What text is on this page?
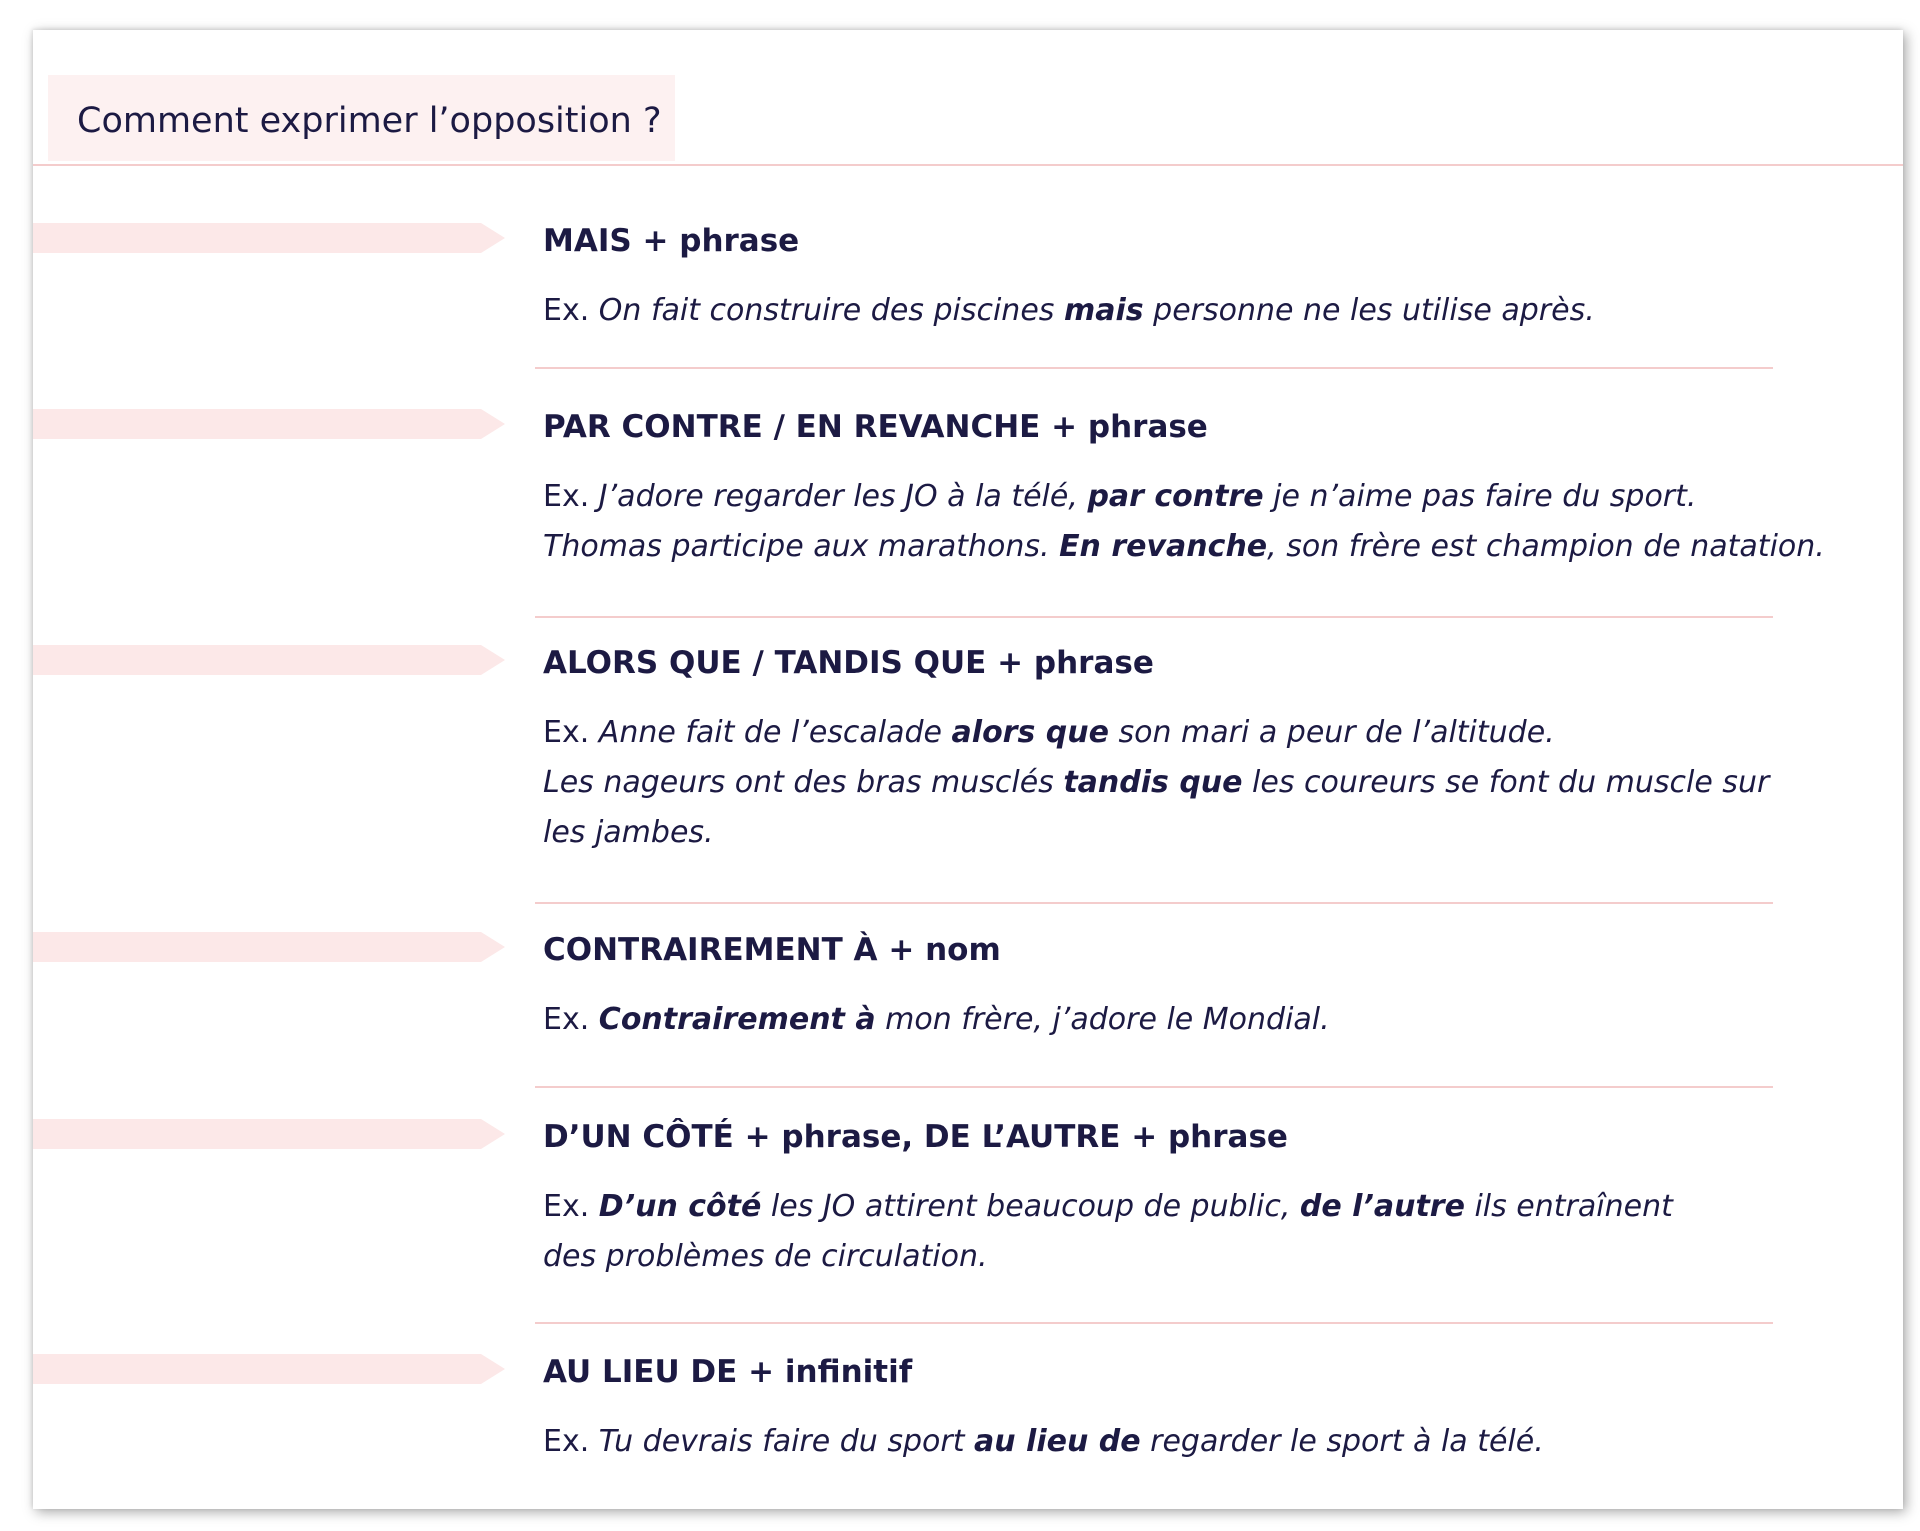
Comment exprimer l’opposition ?
MAIS + phrase
Ex. On fait construire des piscines mais personne ne les utilise après.
PAR CONTRE / EN REVANCHE + phrase
Ex. J’adore regarder les JO à la télé, par contre je n’aime pas faire du sport.
Thomas participe aux marathons. En revanche, son frère est champion de natation.
ALORS QUE / TANDIS QUE + phrase
Ex. Anne fait de l’escalade alors que son mari a peur de l’altitude.
Les nageurs ont des bras musclés tandis que les coureurs se font du muscle sur
les jambes.
CONTRAIREMENT À + nom
Ex. Contrairement à mon frère, j’adore le Mondial.
D’UN CÔTÉ + phrase, DE L’AUTRE + phrase
Ex. D’un côté les JO attirent beaucoup de public, de l’autre ils entraînent
des problèmes de circulation.
AU LIEU DE + infinitif
Ex. Tu devrais faire du sport au lieu de regarder le sport à la télé.
